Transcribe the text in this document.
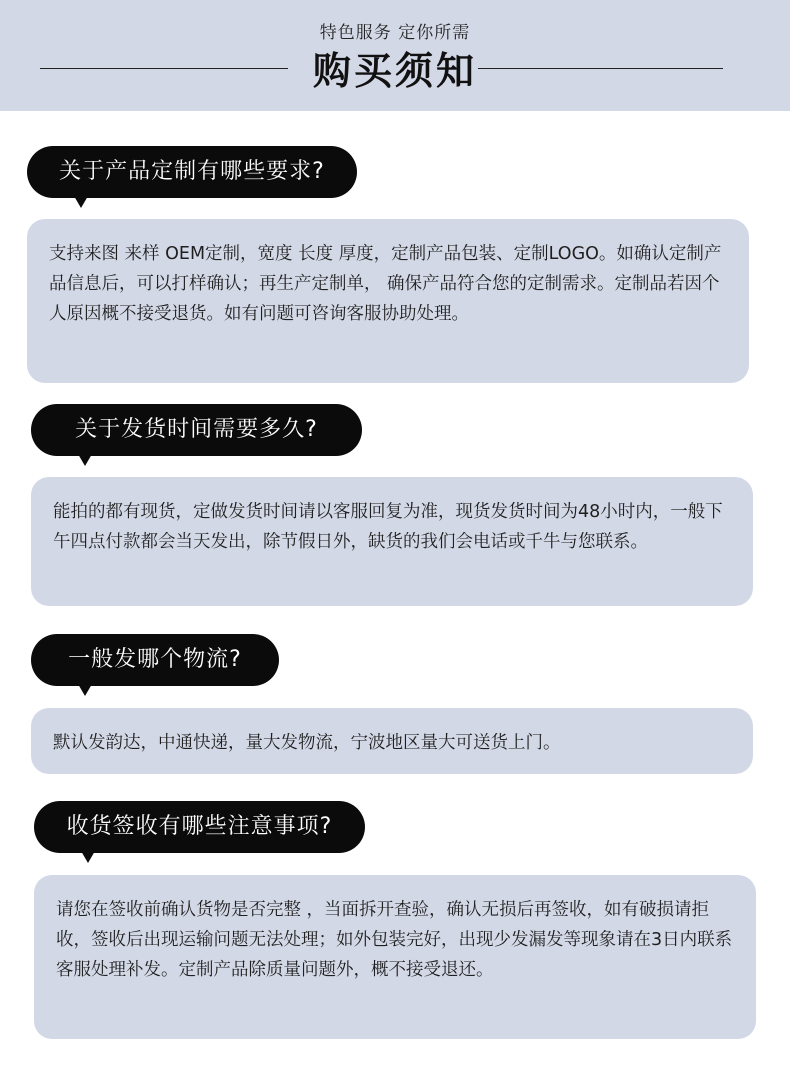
特色服务 定你所需
购买须知
关于产品定制有哪些要求?
支持来图 来样 OEM定制，宽度 长度 厚度，定制产品包装、定制LOGO。如确认定制产品信息后，可以打样确认；再生产定制单， 确保产品符合您的定制需求。定制品若因个人原因概不接受退货。如有问题可咨询客服协助处理。
关于发货时间需要多久?
能拍的都有现货，定做发货时间请以客服回复为准，现货发货时间为48小时内，一般下午四点付款都会当天发出，除节假日外，缺货的我们会电话或千牛与您联系。
一般发哪个物流?
默认发韵达，中通快递，量大发物流，宁波地区量大可送货上门。
收货签收有哪些注意事项?
请您在签收前确认货物是否完整 ，当面拆开查验，确认无损后再签收，如有破损请拒收，签收后出现运输问题无法处理；如外包装完好，出现少发漏发等现象请在3日内联系客服处理补发。定制产品除质量问题外，概不接受退还。
